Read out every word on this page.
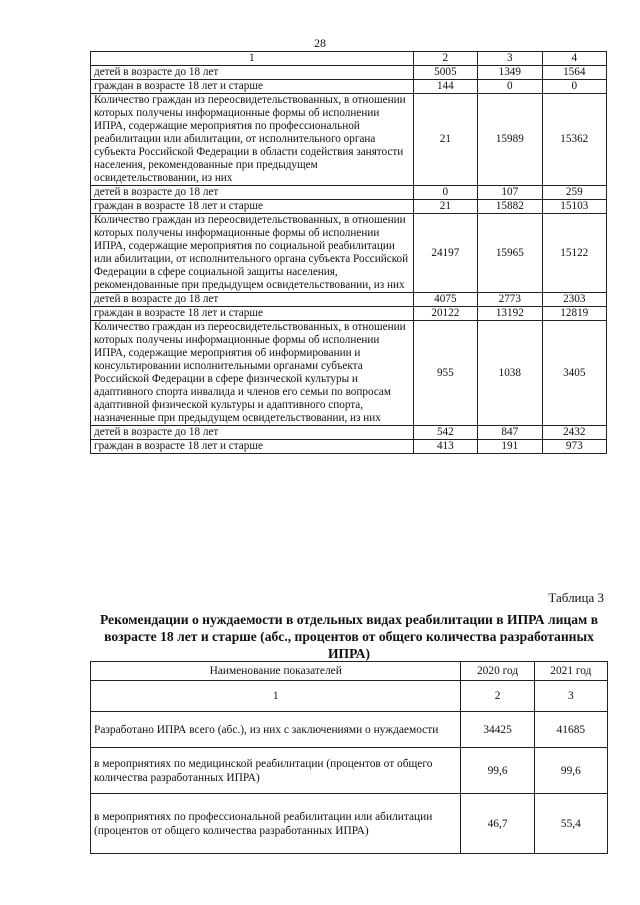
28
1	2	3	4
детей в возрасте до 18 лет	5005	1349	1564
граждан в возрасте 18 лет и старше	144	0	0
Количество граждан из переосвидетельствованных, в отношении которых получены информационные формы об исполнении ИПРА, содержащие мероприятия по профессиональной реабилитации или абилитации, от исполнительного органа субъекта Российской Федерации в области содействия занятости населения, рекомендованные при предыдущем освидетельствовании, из них	21	15989	15362
детей в возрасте до 18 лет	0	107	259
граждан в возрасте 18 лет и старше	21	15882	15103
Количество граждан из переосвидетельствованных, в отношении которых получены информационные формы об исполнении ИПРА, содержащие мероприятия по социальной реабилитации или абилитации, от исполнительного органа субъекта Российской Федерации в сфере социальной защиты населения, рекомендованные при предыдущем освидетельствовании, из них	24197	15965	15122
детей в возрасте до 18 лет	4075	2773	2303
граждан в возрасте 18 лет и старше	20122	13192	12819
Количество граждан из переосвидетельствованных, в отношении которых получены информационные формы об исполнении ИПРА, содержащие мероприятия об информировании и консультировании исполнительными органами субъекта Российской Федерации в сфере физической культуры и адаптивного спорта инвалида и членов его семьи по вопросам адаптивной физической культуры и адаптивного спорта, назначенные при предыдущем освидетельствовании, из них	955	1038	3405
детей в возрасте до 18 лет	542	847	2432
граждан в возрасте 18 лет и старше	413	191	973
Таблица 3
Рекомендации о нуждаемости в отдельных видах реабилитации в ИПРА лицам в возрасте 18 лет и старше (абс., процентов от общего количества разработанных ИПРА)
Наименование показателей	2020 год	2021 год
1	2	3
Разработано ИПРА всего (абс.), из них с заключениями о нуждаемости	34425	41685
в мероприятиях по медицинской реабилитации (процентов от общего количества разработанных ИПРА)	99,6	99,6
в мероприятиях по профессиональной реабилитации или абилитации (процентов от общего количества разработанных ИПРА)	46,7	55,4
